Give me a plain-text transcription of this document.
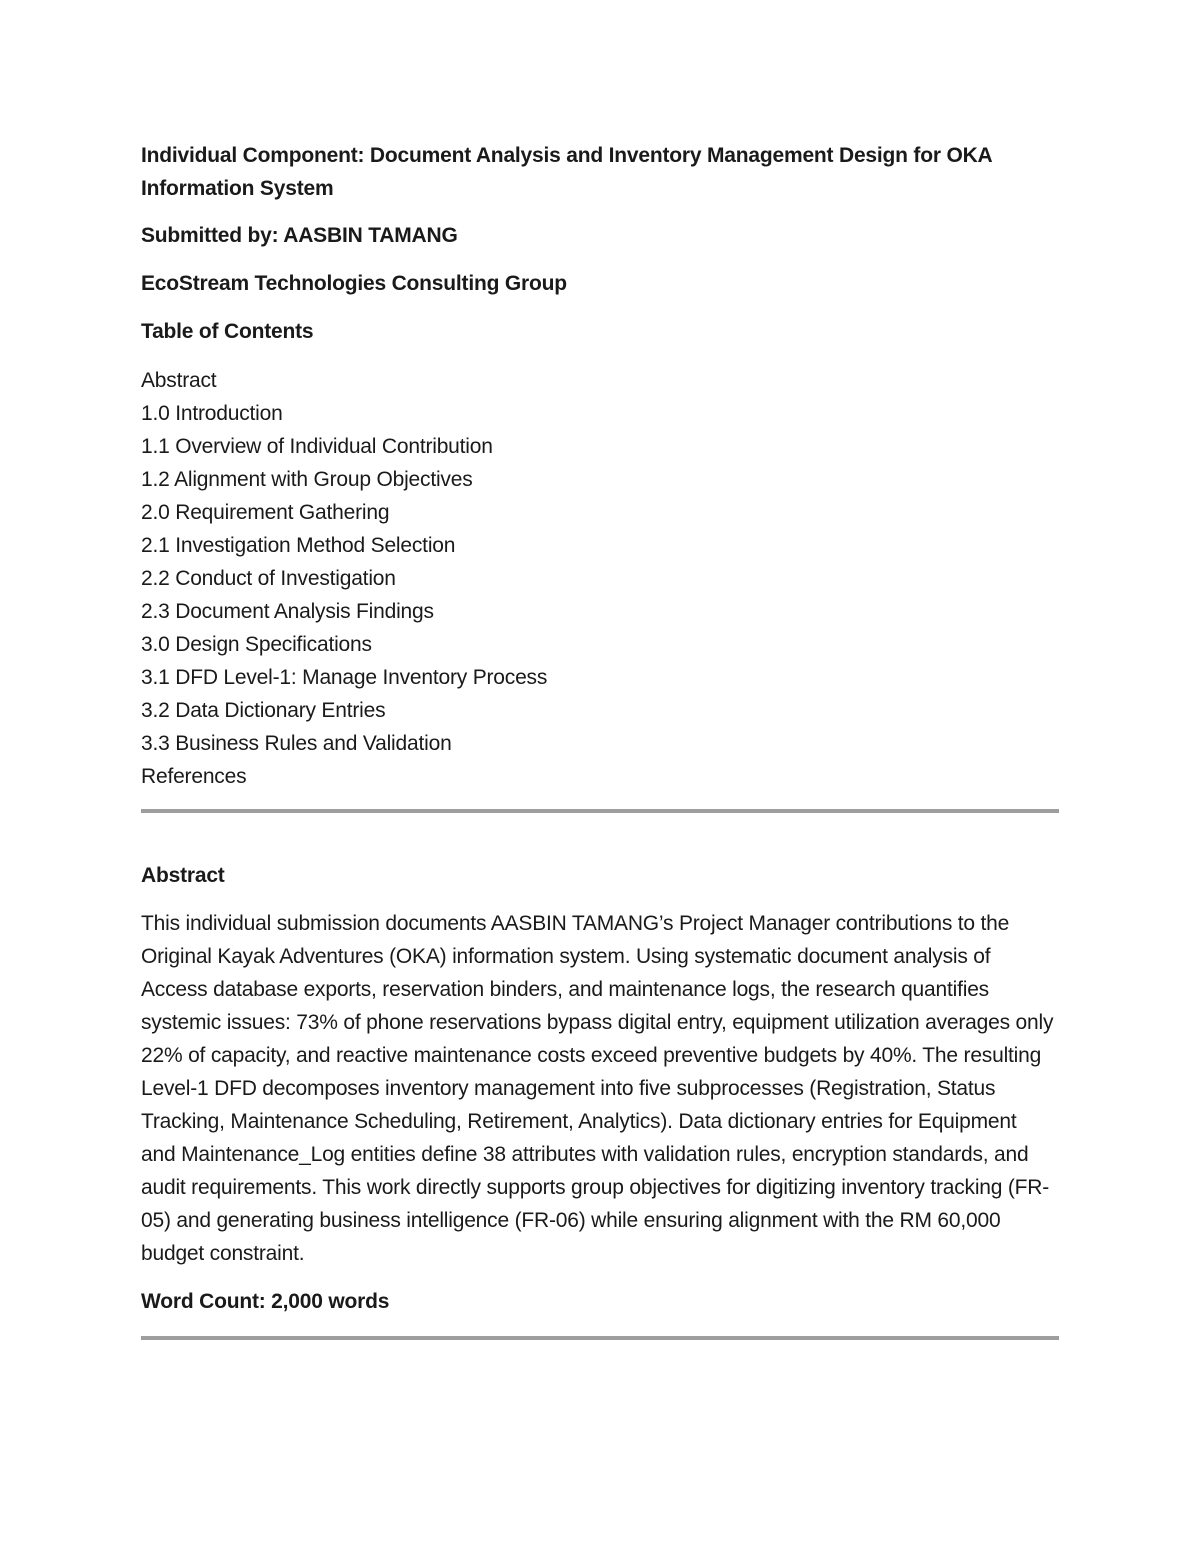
Individual Component: Document Analysis and Inventory Management Design for OKA Information System
Submitted by: AASBIN TAMANG
EcoStream Technologies Consulting Group
Table of Contents
Abstract
1.0 Introduction
1.1 Overview of Individual Contribution
1.2 Alignment with Group Objectives
2.0 Requirement Gathering
2.1 Investigation Method Selection
2.2 Conduct of Investigation
2.3 Document Analysis Findings
3.0 Design Specifications
3.1 DFD Level-1: Manage Inventory Process
3.2 Data Dictionary Entries
3.3 Business Rules and Validation
References
Abstract

This individual submission documents AASBIN TAMANG’s Project Manager contributions to the Original Kayak Adventures (OKA) information system. Using systematic document analysis of Access database exports, reservation binders, and maintenance logs, the research quantifies systemic issues: 73% of phone reservations bypass digital entry, equipment utilization averages only 22% of capacity, and reactive maintenance costs exceed preventive budgets by 40%. The resulting Level-1 DFD decomposes inventory management into five subprocesses (Registration, Status Tracking, Maintenance Scheduling, Retirement, Analytics). Data dictionary entries for Equipment and Maintenance_Log entities define 38 attributes with validation rules, encryption standards, and audit requirements. This work directly supports group objectives for digitizing inventory tracking (FR-05) and generating business intelligence (FR-06) while ensuring alignment with the RM 60,000 budget constraint.

Word Count: 2,000 words
